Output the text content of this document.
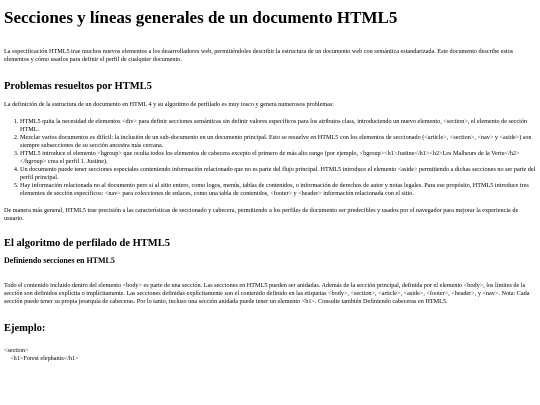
Secciones y líneas generales de un documento HTML5

La especificación HTML5 trae muchos nuevos elementos a los desarrolladores web, permitiéndoles describir la estructura de un documento web con semántica estandarizada. Este documento describe estos elementos y cómo usarlos para definir el perfil de cualquier documento.

Problemas resueltos por HTML5

La definición de la estructura de un documento en HTML 4 y su algoritmo de perfilado es muy tosco y genera numerosos problemas:

1. HTML5 quita la necesidad de elementos <div> para definir secciones semánticas sin definir valores específicos para los atributos class, introduciendo un nuevo elemento, <section>, el elemento de sección HTML.
2. Mezclar varios documentos es difícil: la inclusión de un sub-documento en un documento principal. Esto se resuelve en HTML5 con los elementos de seccionado (<article>, <section>, <nav> y <aside>) son siempre subsecciones de su sección ancestra más cercana.
3. HTML5 introduce el elemento <hgroup> que oculta todos los elementos de cabecera excepto el primero de más alto rango (por ejemplo, <hgroup><h1>Justine</h1><h2>Les Malheurs de la Vertu</h2></hgroup> crea el perfil 1. Justine).
4. Un documento puede tener secciones especiales conteniendo información relacionado que no es parte del flujo principal. HTML5 introduce el elemento <aside> permitiendo a dichas secciones no ser parte del perfil principal.
5. Hay información relacionada no al documento pero si al sitio entero, como logos, menús, tablas de contenidos, o información de derechos de autor y notas legales. Para ese propósito, HTML5 introduce tres elementos de sección específicos: <nav> para colecciones de enlaces, como una tabla de contenidos, <footer> y <header> información relacionada con el sitio.

De manera más general, HTML5 trae precisión a las características de seccionado y cabecera, permitiendo a los perfiles de documento ser predecibles y usados por el navegador para mejorar la experiencia de usuario.

El algoritmo de perfilado de HTML5
Definiendo secciones en HTML5

Todo el contenido incluido dentro del elemento <body> es parte de una sección. Las secciones en HTML5 pueden ser anidadas. Además de la sección principal, definida por el elemento <body>, los límites de la sección son definidos explícita o implícitamente. Las secciones definidas explícitamente son el contenido definido en las etiquetas <body>, <section>, <article>, <aside>, <footer>, <header>, y <nav>. Nota: Cada sección puede tener su propia jerarquía de cabeceras. Por lo tanto, incluso una sección anidada puede tener un elemento <h1>. Consulte también Definiendo cabeceras en HTML5.

Ejemplo:
<section>
<h1>Forest elephants</h1>
